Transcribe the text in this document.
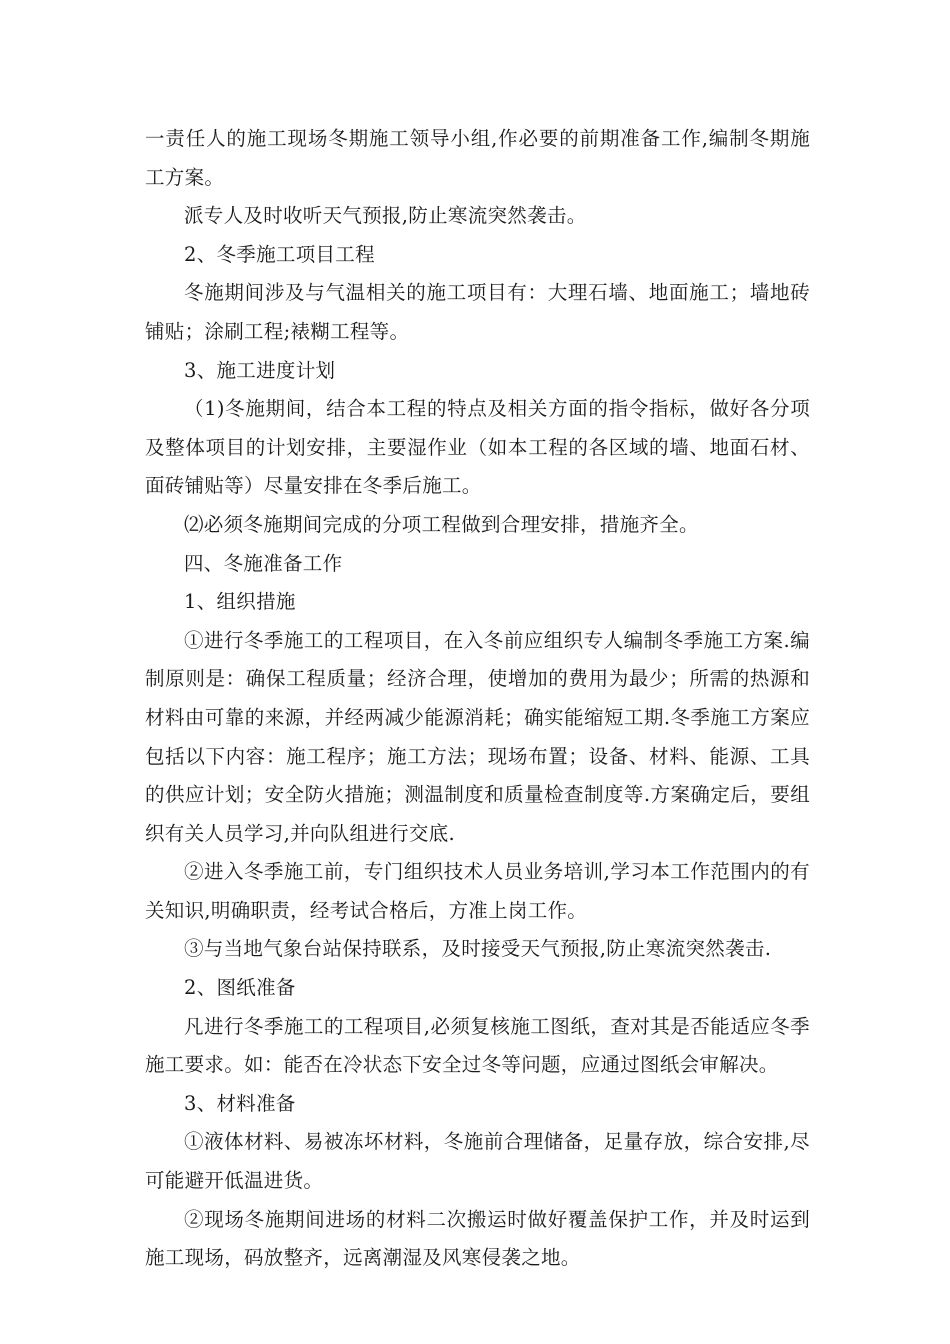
一责任人的施工现场冬期施工领导小组,作必要的前期准备工作,编制冬期施工方案。

派专人及时收听天气预报,防止寒流突然袭击。

2、冬季施工项目工程

冬施期间涉及与气温相关的施工项目有：大理石墙、地面施工；墙地砖铺贴；涂刷工程;裱糊工程等。

3、施工进度计划

（1)冬施期间，结合本工程的特点及相关方面的指令指标，做好各分项及整体项目的计划安排，主要湿作业（如本工程的各区域的墙、地面石材、面砖铺贴等）尽量安排在冬季后施工。

⑵必须冬施期间完成的分项工程做到合理安排，措施齐全。

四、冬施准备工作

1、组织措施

①进行冬季施工的工程项目，在入冬前应组织专人编制冬季施工方案.编制原则是：确保工程质量；经济合理，使增加的费用为最少；所需的热源和材料由可靠的来源，并经两减少能源消耗；确实能缩短工期.冬季施工方案应包括以下内容：施工程序；施工方法；现场布置；设备、材料、能源、工具的供应计划；安全防火措施；测温制度和质量检查制度等.方案确定后，要组织有关人员学习,并向队组进行交底.

②进入冬季施工前，专门组织技术人员业务培训,学习本工作范围内的有关知识,明确职责，经考试合格后，方准上岗工作。

③与当地气象台站保持联系，及时接受天气预报,防止寒流突然袭击.

2、图纸准备

凡进行冬季施工的工程项目,必须复核施工图纸，查对其是否能适应冬季施工要求。如：能否在冷状态下安全过冬等问题，应通过图纸会审解决。

3、材料准备

①液体材料、易被冻坏材料，冬施前合理储备，足量存放，综合安排,尽可能避开低温进货。

②现场冬施期间进场的材料二次搬运时做好覆盖保护工作，并及时运到施工现场，码放整齐，远离潮湿及风寒侵袭之地。
